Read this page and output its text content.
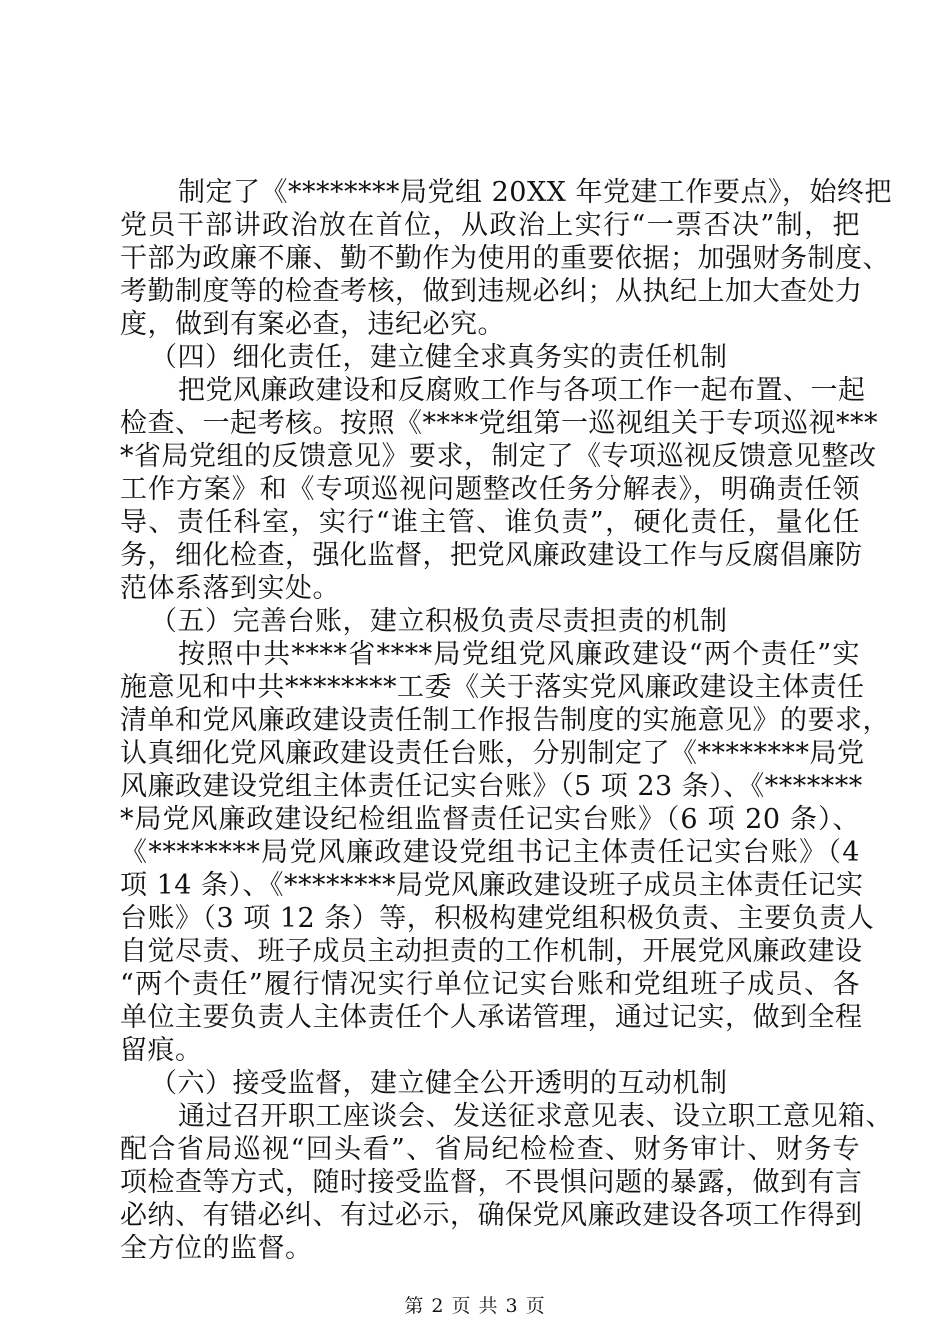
制定了《********局党组 20XX 年党建工作要点》，始终把
党员干部讲政治放在首位，从政治上实行“一票否决”制，把
干部为政廉不廉、勤不勤作为使用的重要依据；加强财务制度、
考勤制度等的检查考核，做到违规必纠；从执纪上加大查处力
度，做到有案必查，违纪必究。
（四）细化责任，建立健全求真务实的责任机制
把党风廉政建设和反腐败工作与各项工作一起布置、一起
检查、一起考核。按照《****党组第一巡视组关于专项巡视***
*省局党组的反馈意见》要求，制定了《专项巡视反馈意见整改
工作方案》和《专项巡视问题整改任务分解表》，明确责任领
导、责任科室，实行“谁主管、谁负责”，硬化责任，量化任
务，细化检查，强化监督，把党风廉政建设工作与反腐倡廉防
范体系落到实处。
（五）完善台账，建立积极负责尽责担责的机制
按照中共****省****局党组党风廉政建设“两个责任”实
施意见和中共********工委《关于落实党风廉政建设主体责任
清单和党风廉政建设责任制工作报告制度的实施意见》的要求，
认真细化党风廉政建设责任台账，分别制定了《********局党
风廉政建设党组主体责任记实台账》（5 项 23 条）、《*******
*局党风廉政建设纪检组监督责任记实台账》（6 项 20 条）、
《********局党风廉政建设党组书记主体责任记实台账》（4
项 14 条）、《********局党风廉政建设班子成员主体责任记实
台账》（3 项 12 条）等，积极构建党组积极负责、主要负责人
自觉尽责、班子成员主动担责的工作机制，开展党风廉政建设
“两个责任”履行情况实行单位记实台账和党组班子成员、各
单位主要负责人主体责任个人承诺管理，通过记实，做到全程
留痕。
（六）接受监督，建立健全公开透明的互动机制
通过召开职工座谈会、发送征求意见表、设立职工意见箱、
配合省局巡视“回头看”、省局纪检检查、财务审计、财务专
项检查等方式，随时接受监督，不畏惧问题的暴露，做到有言
必纳、有错必纠、有过必示，确保党风廉政建设各项工作得到
全方位的监督。
第 2 页 共 3 页
